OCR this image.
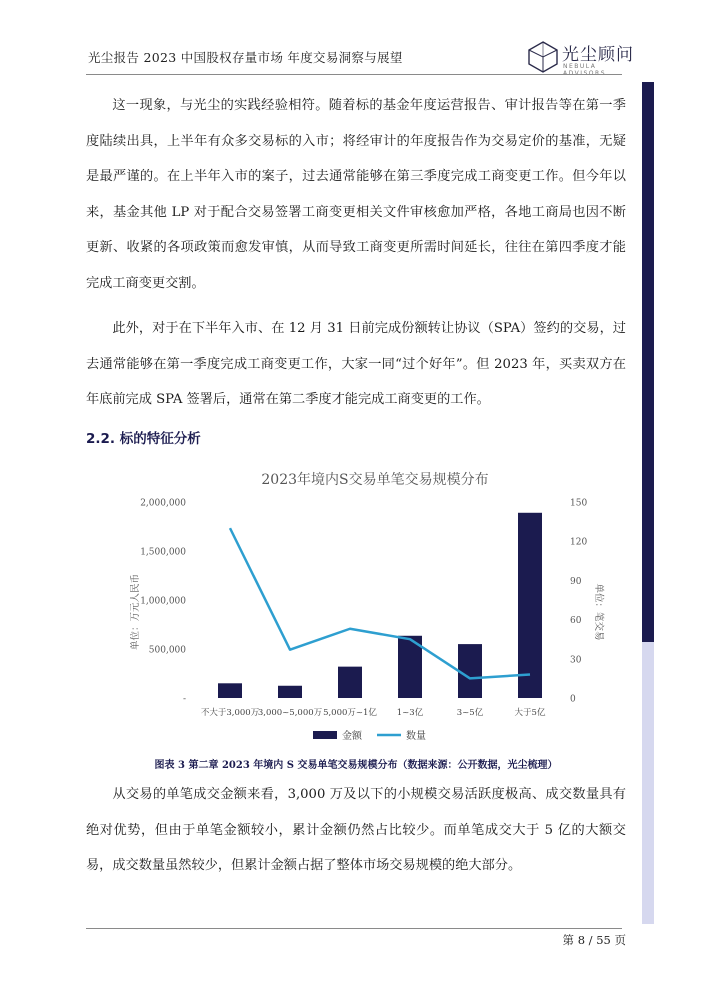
光尘报告 2023 中国股权存量市场 年度交易洞察与展望	光尘顾问
NEBULA ADVISORS

这一现象，与光尘的实践经验相符。随着标的基金年度运营报告、审计报告等在第一季度陆续出具，上半年有众多交易标的入市；将经审计的年度报告作为交易定价的基准，无疑是最严谨的。在上半年入市的案子，过去通常能够在第三季度完成工商变更工作。但今年以来，基金其他 LP 对于配合交易签署工商变更相关文件审核愈加严格，各地工商局也因不断更新、收紧的各项政策而愈发审慎，从而导致工商变更所需时间延长，往往在第四季度才能完成工商变更交割。

此外，对于在下半年入市、在 12 月 31 日前完成份额转让协议（SPA）签约的交易，过去通常能够在第一季度完成工商变更工作，大家一同“过个好年”。但 2023 年，买卖双方在年底前完成 SPA 签署后，通常在第二季度才能完成工商变更的工作。

2.2. 标的特征分析
2023年境内S交易单笔交易规模分布
单位：万元人民币	单位：笔交易
-
500,000
1,000,000
1,500,000
2,000,000
0
30
60
90
120
150
不大于3,000万
3,000~5,000万 5,000万~1亿 1~3亿	3~5亿	大于5亿
金额	数量
图表 3 第二章 2023 年境内 S 交易单笔交易规模分布（数据来源：公开数据，光尘梳理）

从交易的单笔成交金额来看，3,000 万及以下的小规模交易活跃度极高、成交数量具有绝对优势，但由于单笔金额较小，累计金额仍然占比较少。而单笔成交大于 5 亿的大额交易，成交数量虽然较少，但累计金额占据了整体市场交易规模的绝大部分。

第 8 / 55 页
